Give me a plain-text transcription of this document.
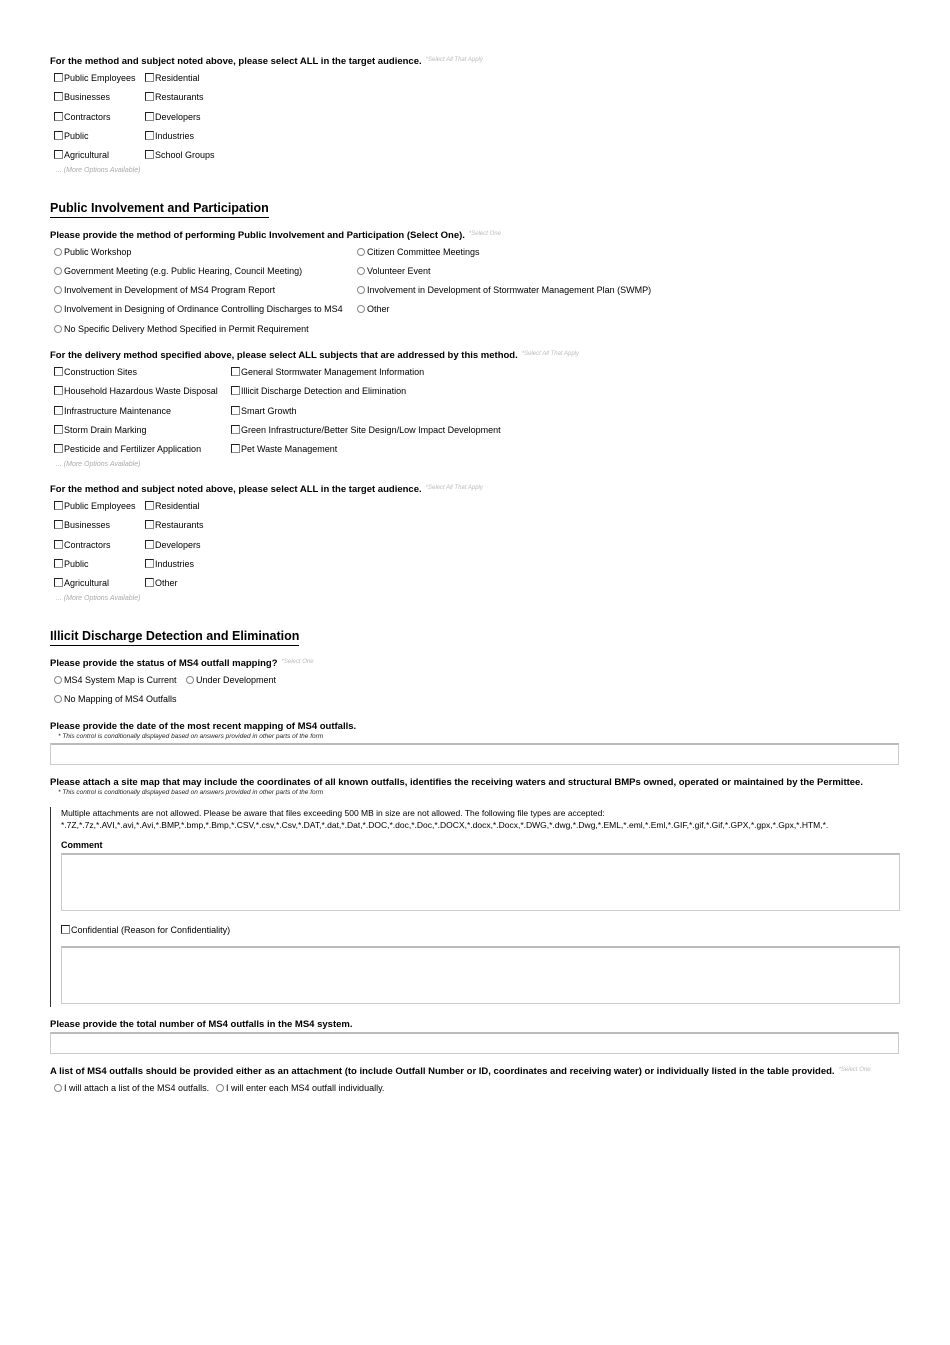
For the method and subject noted above, please select ALL in the target audience. $^{*Select All That Apply}$
Public Employees
Businesses
Contractors
Public
Agricultural
Residential
Restaurants
Developers
Industries
School Groups
... (More Options Available)
Public Involvement and Participation
Please provide the method of performing Public Involvement and Participation (Select One). $^{*Select One}$
Public Workshop
Government Meeting (e.g. Public Hearing, Council Meeting)
Involvement in Development of MS4 Program Report
Involvement in Designing of Ordinance Controlling Discharges to MS4
No Specific Delivery Method Specified in Permit Requirement
Citizen Committee Meetings
Volunteer Event
Involvement in Development of Stormwater Management Plan (SWMP)
Other
For the delivery method specified above, please select ALL subjects that are addressed by this method. $^{*Select All That Apply}$
Construction Sites
Household Hazardous Waste Disposal
Infrastructure Maintenance
Storm Drain Marking
Pesticide and Fertilizer Application
General Stormwater Management Information
Illicit Discharge Detection and Elimination
Smart Growth
Green Infrastructure/Better Site Design/Low Impact Development
Pet Waste Management
... (More Options Available)
For the method and subject noted above, please select ALL in the target audience. $^{*Select All That Apply}$
Public Employees
Businesses
Contractors
Public
Agricultural
Residential
Restaurants
Developers
Industries
Other
... (More Options Available)
Illicit Discharge Detection and Elimination
Please provide the status of MS4 outfall mapping? $^{*Select One}$
MS4 System Map is Current	Under Development
No Mapping of MS4 Outfalls
Please provide the date of the most recent mapping of MS4 outfalls.
* This control is conditionally displayed based on answers provided in other parts of the form
Please attach a site map that may include the coordinates of all known outfalls, identifies the receiving waters and structural BMPs owned, operated or maintained by the Permittee.
* This control is conditionally displayed based on answers provided in other parts of the form
Multiple attachments are not allowed. Please be aware that files exceeding 500 MB in size are not allowed. The following file types are accepted:
*.7Z,*.7z,*.AVI,*.avi,*.Avi,*.BMP,*.bmp,*.Bmp,*.CSV,*.csv,*.Csv,*.DAT,*.dat,*.Dat,*.DOC,*.doc,*.Doc,*.DOCX,*.docx,*.Docx,*.DWG,*.dwg,*.Dwg,*.EML,*.eml,*.Eml,*.GIF,*.gif,*.Gif,*.GPX,*.gpx,*.Gpx,*.HTM,*.
Comment
Confidential (Reason for Confidentiality)
Please provide the total number of MS4 outfalls in the MS4 system.
A list of MS4 outfalls should be provided either as an attachment (to include Outfall Number or ID, coordinates and receiving water) or individually listed in the table provided. $^{*Select One}$
I will attach a list of the MS4 outfalls.	I will enter each MS4 outfall individually.
